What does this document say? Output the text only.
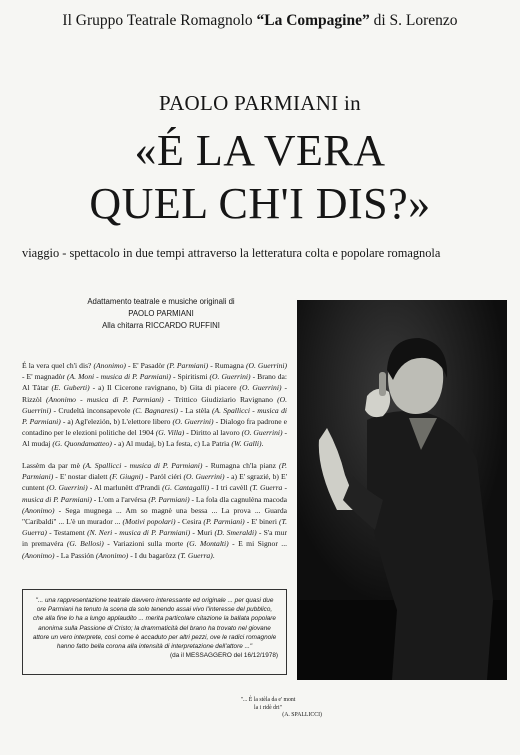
Il Gruppo Teatrale Romagnolo “La Compagine” di S. Lorenzo
PAOLO PARMIANI in
«É LA VERA
QUEL CH'I DIS?»
viaggio - spettacolo in due tempi attraverso la letteratura colta e popolare romagnola
Adattamento teatrale e musiche originali di
PAOLO PARMIANI
Alla chitarra RICCARDO RUFFINI
É la vera quel ch'i dis? (Anonimo) - E' Pasadòr (P. Parmiani) - Rumagna (O. Guerrini) - E' magnadòr (A. Moni - musica di P. Parmiani) - Spiritismi (O. Guerrini) - Brano da: Al Tàtar (E. Guberti) - a) Il Cicerone ravignano, b) Gita di piacere (O. Guerrini) - Rizzòl (Anonimo - musica di P. Parmiani) - Trittico Giudiziario Ravignano (O. Guerrini) - Crudeltà inconsapevole (C. Bagnaresi) - La stèla (A. Spallicci - musica di P. Parmiani) - a) Agl'elezión, b) L'elettore libero (O. Guerrini) - Dialogo fra padrone e contadino per le elezioni politiche del 1904 (G. Villa) - Diritto al lavoro (O. Guerrini) - Al mudaj (G. Quondamatteo) - a) Al mudaj, b) La festa, c) La Patria (W. Galli).
Lassèm da par mè (A. Spallicci - musica di P. Parmiani) - Rumagna ch'la pianz (P. Parmiani) - E' nostar dialett (F. Giugni) - Paról ciéri (O. Guerrini) - a) E' sgrazié, b) E' cuntent (O. Guerrini) - Al marlunètt d'Prandi (G. Cantagalli) - I tri cavèll (T. Guerra - musica di P. Parmiani) - L'om a l'arvérsa (P. Parmiani) - La fola dla cagnulèna macoda (Anonimo) - Sega mugnega ... Am so magnè una bessa ... La prova ... Guarda "Caribaldi" ... L'è un murador ... (Motivi popolari) - Cesira (P. Parmiani) - E' bineri (T. Guerra) - Testament (N. Neri - musica di P. Parmiani) - Muri (D. Smeraldi) - S'a mur in premavéra (G. Bellosi) - Variazioni sulla morte (G. Montalti) - E mi Signor ... (Anonimo) - La Passión (Anonimo) - I du bagaròzz (T. Guerra).
"... una rappresentazione teatrale davvero interessante ed originale ... per quasi due ore Parmiani ha tenuto la scena da solo tenendo assai vivo l'interesse del pubblico, che alla fine lo ha a lungo applaudito ... merita particolare citazione la ballata popolare anonima sulla Passione di Cristo; la drammaticità del brano ha trovato nel giovane attore un vero interprete, così come è accaduto per altri pezzi, ove le radici romagnole hanno fatto bella corona alla intensità di interpretazione dell'attore ..."
(da il MESSAGGERO del 16/12/1978)
"... È la stèla da e' mont
la i ridè dri"
(A. SPALLICCI)
